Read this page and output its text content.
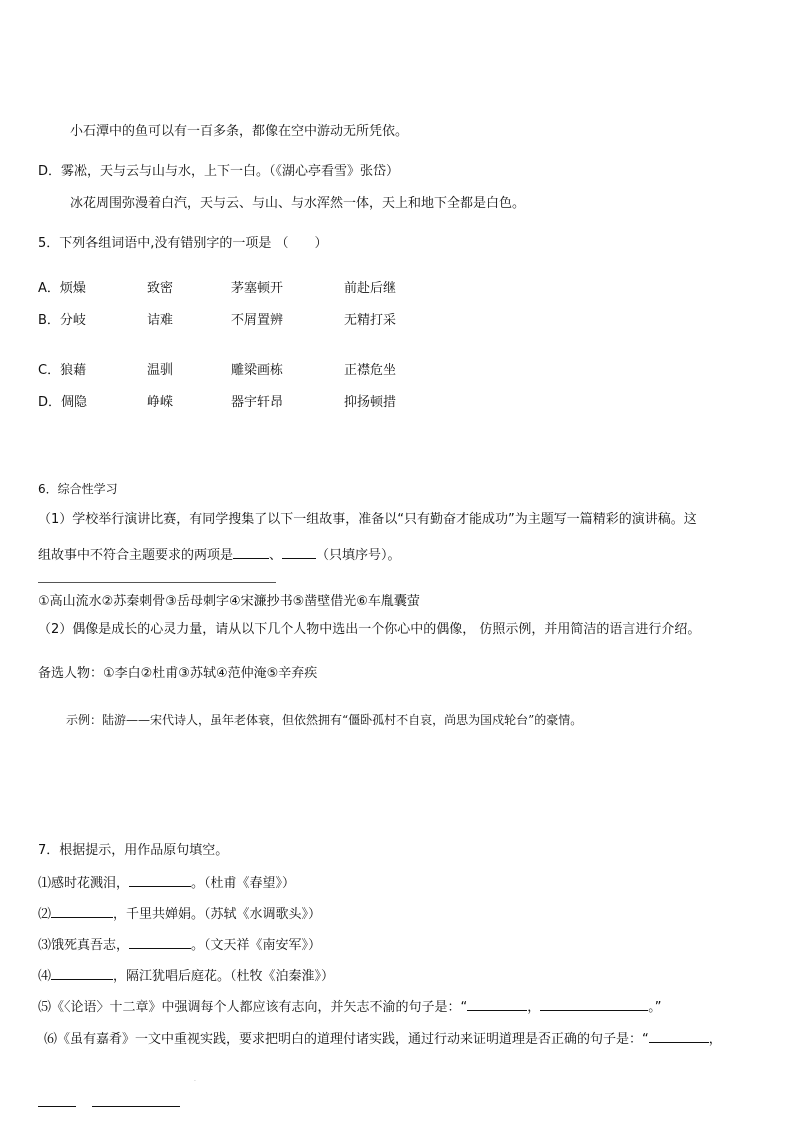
小石潭中的鱼可以有一百多条，都像在空中游动无所凭依。
D．雾凇，天与云与山与水，上下一白。（《湖心亭看雪》张岱）
冰花周围弥漫着白汽，天与云、与山、与水浑然一体，天上和地下全都是白色。
5．下列各组词语中,没有错别字的一项是 （　　）
A．烦燥	致密	茅塞顿开	前赴后继
B．分岐	诘难	不屑置辨	无精打采
C．狼藉	温驯	雕梁画栋	正襟危坐
D．倜隐	峥嵘	器宇轩昂	抑扬顿措
6．综合性学习
（1）学校举行演讲比赛，有同学搜集了以下一组故事，准备以“只有勤奋才能成功”为主题写一篇精彩的演讲稿。这
组故事中不符合主题要求的两项是	、	（只填序号）。
①高山流水②苏秦刺骨③岳母刺字④宋濂抄书⑤凿壁借光⑥车胤囊萤
（2）偶像是成长的心灵力量，请从以下几个人物中选出一个你心中的偶像， 仿照示例，并用简洁的语言进行介绍。
备选人物：①李白②杜甫③苏轼④范仲淹⑤辛弃疾
示例：陆游——宋代诗人，虽年老体衰，但依然拥有“僵卧孤村不自哀，尚思为国戍轮台”的豪情。
7．根据提示，用作品原句填空。
⑴感时花溅泪，	。（杜甫《春望》）
⑵	，千里共婵娟。（苏轼《水调歌头》）
⑶饿死真吾志，	。（文天祥《南安军》）
⑷	，隔江犹唱后庭花。（杜牧《泊秦淮》）
⑸《〈论语〉十二章》中强调每个人都应该有志向，并矢志不渝的句子是：“	，	。”
⑹《虽有嘉肴》一文中重视实践，要求把明白的道理付诸实践，通过行动来证明道理是否正确的句子是：“	，
·
